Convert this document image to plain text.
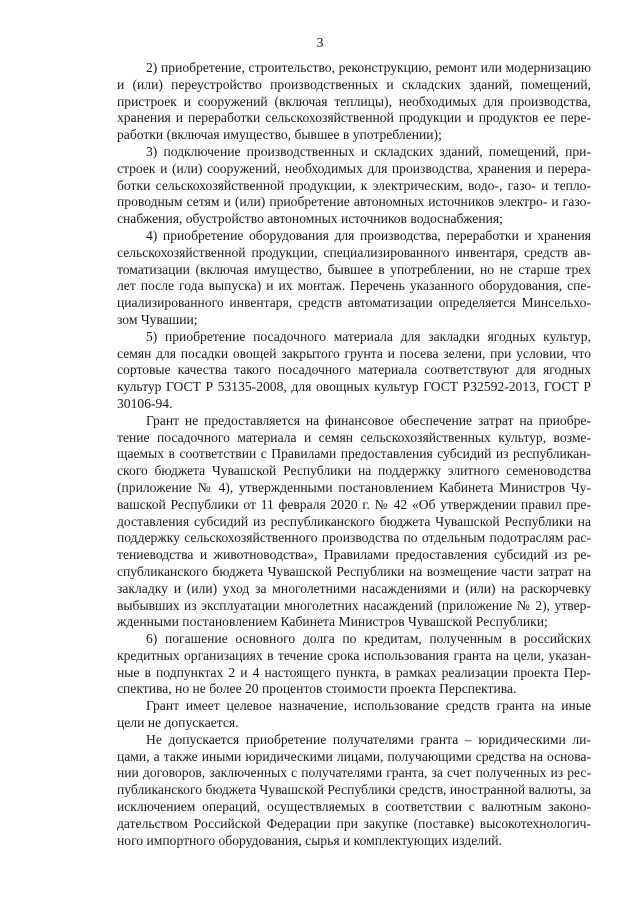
3

2) приобретение, строительство, реконструкцию, ремонт или модернизацию и (или) переустройство производственных и складских зданий, помещений, пристроек и сооружений (включая теплицы), необходимых для производства, хранения и переработки сельскохозяйственной продукции и продуктов ее переработки (включая имущество, бывшее в употреблении);

3) подключение производственных и складских зданий, помещений, пристроек и (или) сооружений, необходимых для производства, хранения и переработки сельскохозяйственной продукции, к электрическим, водо-, газо- и теплопроводным сетям и (или) приобретение автономных источников электро- и газоснабжения, обустройство автономных источников водоснабжения;

4) приобретение оборудования для производства, переработки и хранения сельскохозяйственной продукции, специализированного инвентаря, средств автоматизации (включая имущество, бывшее в употреблении, но не старше трех лет после года выпуска) и их монтаж. Перечень указанного оборудования, специализированного инвентаря, средств автоматизации определяется Минсельхозом Чувашии;

5) приобретение посадочного материала для закладки ягодных культур, семян для посадки овощей закрытого грунта и посева зелени, при условии, что сортовые качества такого посадочного материала соответствуют для ягодных культур ГОСТ Р 53135-2008, для овощных культур ГОСТ Р32592-2013, ГОСТ Р 30106-94.

Грант не предоставляется на финансовое обеспечение затрат на приобретение посадочного материала и семян сельскохозяйственных культур, возмещаемых в соответствии с Правилами предоставления субсидий из республиканского бюджета Чувашской Республики на поддержку элитного семеноводства (приложение № 4), утвержденными постановлением Кабинета Министров Чувашской Республики от 11 февраля 2020 г. № 42 «Об утверждении правил предоставления субсидий из республиканского бюджета Чувашской Республики на поддержку сельскохозяйственного производства по отдельным подотраслям растениеводства и животноводства», Правилами предоставления субсидий из республиканского бюджета Чувашской Республики на возмещение части затрат на закладку и (или) уход за многолетними насаждениями и (или) на раскорчевку выбывших из эксплуатации многолетних насаждений (приложение № 2), утвержденными постановлением Кабинета Министров Чувашской Республики;

6) погашение основного долга по кредитам, полученным в российских кредитных организациях в течение срока использования гранта на цели, указанные в подпунктах 2 и 4 настоящего пункта, в рамках реализации проекта Перспектива, но не более 20 процентов стоимости проекта Перспектива.

Грант имеет целевое назначение, использование средств гранта на иные цели не допускается.

Не допускается приобретение получателями гранта – юридическими лицами, а также иными юридическими лицами, получающими средства на основании договоров, заключенных с получателями гранта, за счет полученных из республиканского бюджета Чувашской Республики средств, иностранной валюты, за исключением операций, осуществляемых в соответствии с валютным законодательством Российской Федерации при закупке (поставке) высокотехнологичного импортного оборудования, сырья и комплектующих изделий.
